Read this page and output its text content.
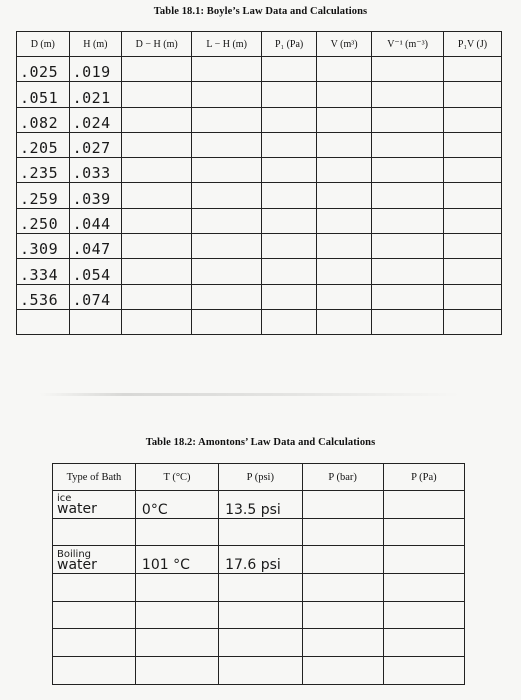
Table 18.1: Boyle’s Law Data and Calculations
D (m)	H (m)	D − H (m)	L − H (m)	P₁ (Pa)	V (m³)	V⁻¹ (m⁻³)	P₁V (J)
.025	.019						
.051	.021						
.082	.024						
.205	.027						
.235	.033						
.259	.039						
.250	.044						
.309	.047						
.334	.054						
.536	.074						

Table 18.2: Amontons’ Law Data and Calculations
Type of Bath	T (°C)	P (psi)	P (bar)	P (Pa)

ice
water	0°C	13.5 psi		

Boiling
water	101 °C	17.6 psi		
